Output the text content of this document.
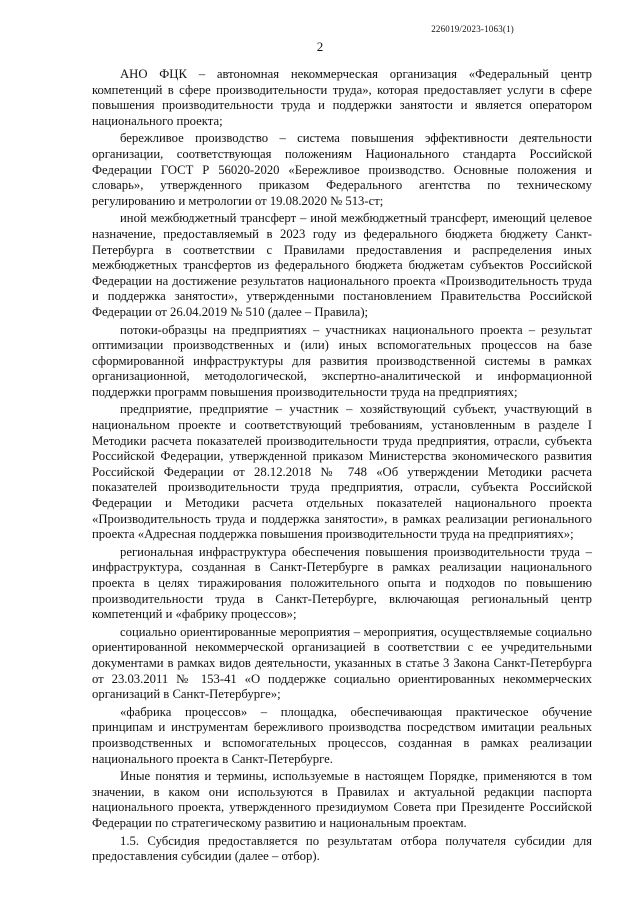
226019/2023-1063(1)
2

АНО ФЦК – автономная некоммерческая организация «Федеральный центр компетенций в сфере производительности труда», которая предоставляет услуги в сфере повышения производительности труда и поддержки занятости и является оператором национального проекта;

бережливое производство – система повышения эффективности деятельности организации, соответствующая положениям Национального стандарта Российской Федерации ГОСТ Р 56020-2020 «Бережливое производство. Основные положения и словарь», утвержденного приказом Федерального агентства по техническому регулированию и метрологии от 19.08.2020 № 513-ст;

иной межбюджетный трансферт – иной межбюджетный трансферт, имеющий целевое назначение, предоставляемый в 2023 году из федерального бюджета бюджету Санкт-Петербурга в соответствии с Правилами предоставления и распределения иных межбюджетных трансфертов из федерального бюджета бюджетам субъектов Российской Федерации на достижение результатов национального проекта «Производительность труда и поддержка занятости», утвержденными постановлением Правительства Российской Федерации от 26.04.2019 № 510 (далее – Правила);

потоки-образцы на предприятиях – участниках национального проекта – результат оптимизации производственных и (или) иных вспомогательных процессов на базе сформированной инфраструктуры для развития производственной системы в рамках организационной, методологической, экспертно-аналитической и информационной поддержки программ повышения производительности труда на предприятиях;

предприятие, предприятие – участник – хозяйствующий субъект, участвующий в национальном проекте и соответствующий требованиям, установленным в разделе I Методики расчета показателей производительности труда предприятия, отрасли, субъекта Российской Федерации, утвержденной приказом Министерства экономического развития Российской Федерации от 28.12.2018 № 748 «Об утверждении Методики расчета показателей производительности труда предприятия, отрасли, субъекта Российской Федерации и Методики расчета отдельных показателей национального проекта «Производительность труда и поддержка занятости», в рамках реализации регионального проекта «Адресная поддержка повышения производительности труда на предприятиях»;

региональная инфраструктура обеспечения повышения производительности труда – инфраструктура, созданная в Санкт-Петербурге в рамках реализации национального проекта в целях тиражирования положительного опыта и подходов по повышению производительности труда в Санкт-Петербурге, включающая региональный центр компетенций и «фабрику процессов»;

социально ориентированные мероприятия – мероприятия, осуществляемые социально ориентированной некоммерческой организацией в соответствии с ее учредительными документами в рамках видов деятельности, указанных в статье 3 Закона Санкт-Петербурга от 23.03.2011 № 153-41 «О поддержке социально ориентированных некоммерческих организаций в Санкт-Петербурге»;

«фабрика процессов» – площадка, обеспечивающая практическое обучение принципам и инструментам бережливого производства посредством имитации реальных производственных и вспомогательных процессов, созданная в рамках реализации национального проекта в Санкт-Петербурге.

Иные понятия и термины, используемые в настоящем Порядке, применяются в том значении, в каком они используются в Правилах и актуальной редакции паспорта национального проекта, утвержденного президиумом Совета при Президенте Российской Федерации по стратегическому развитию и национальным проектам.

1.5. Субсидия предоставляется по результатам отбора получателя субсидии для предоставления субсидии (далее – отбор).
